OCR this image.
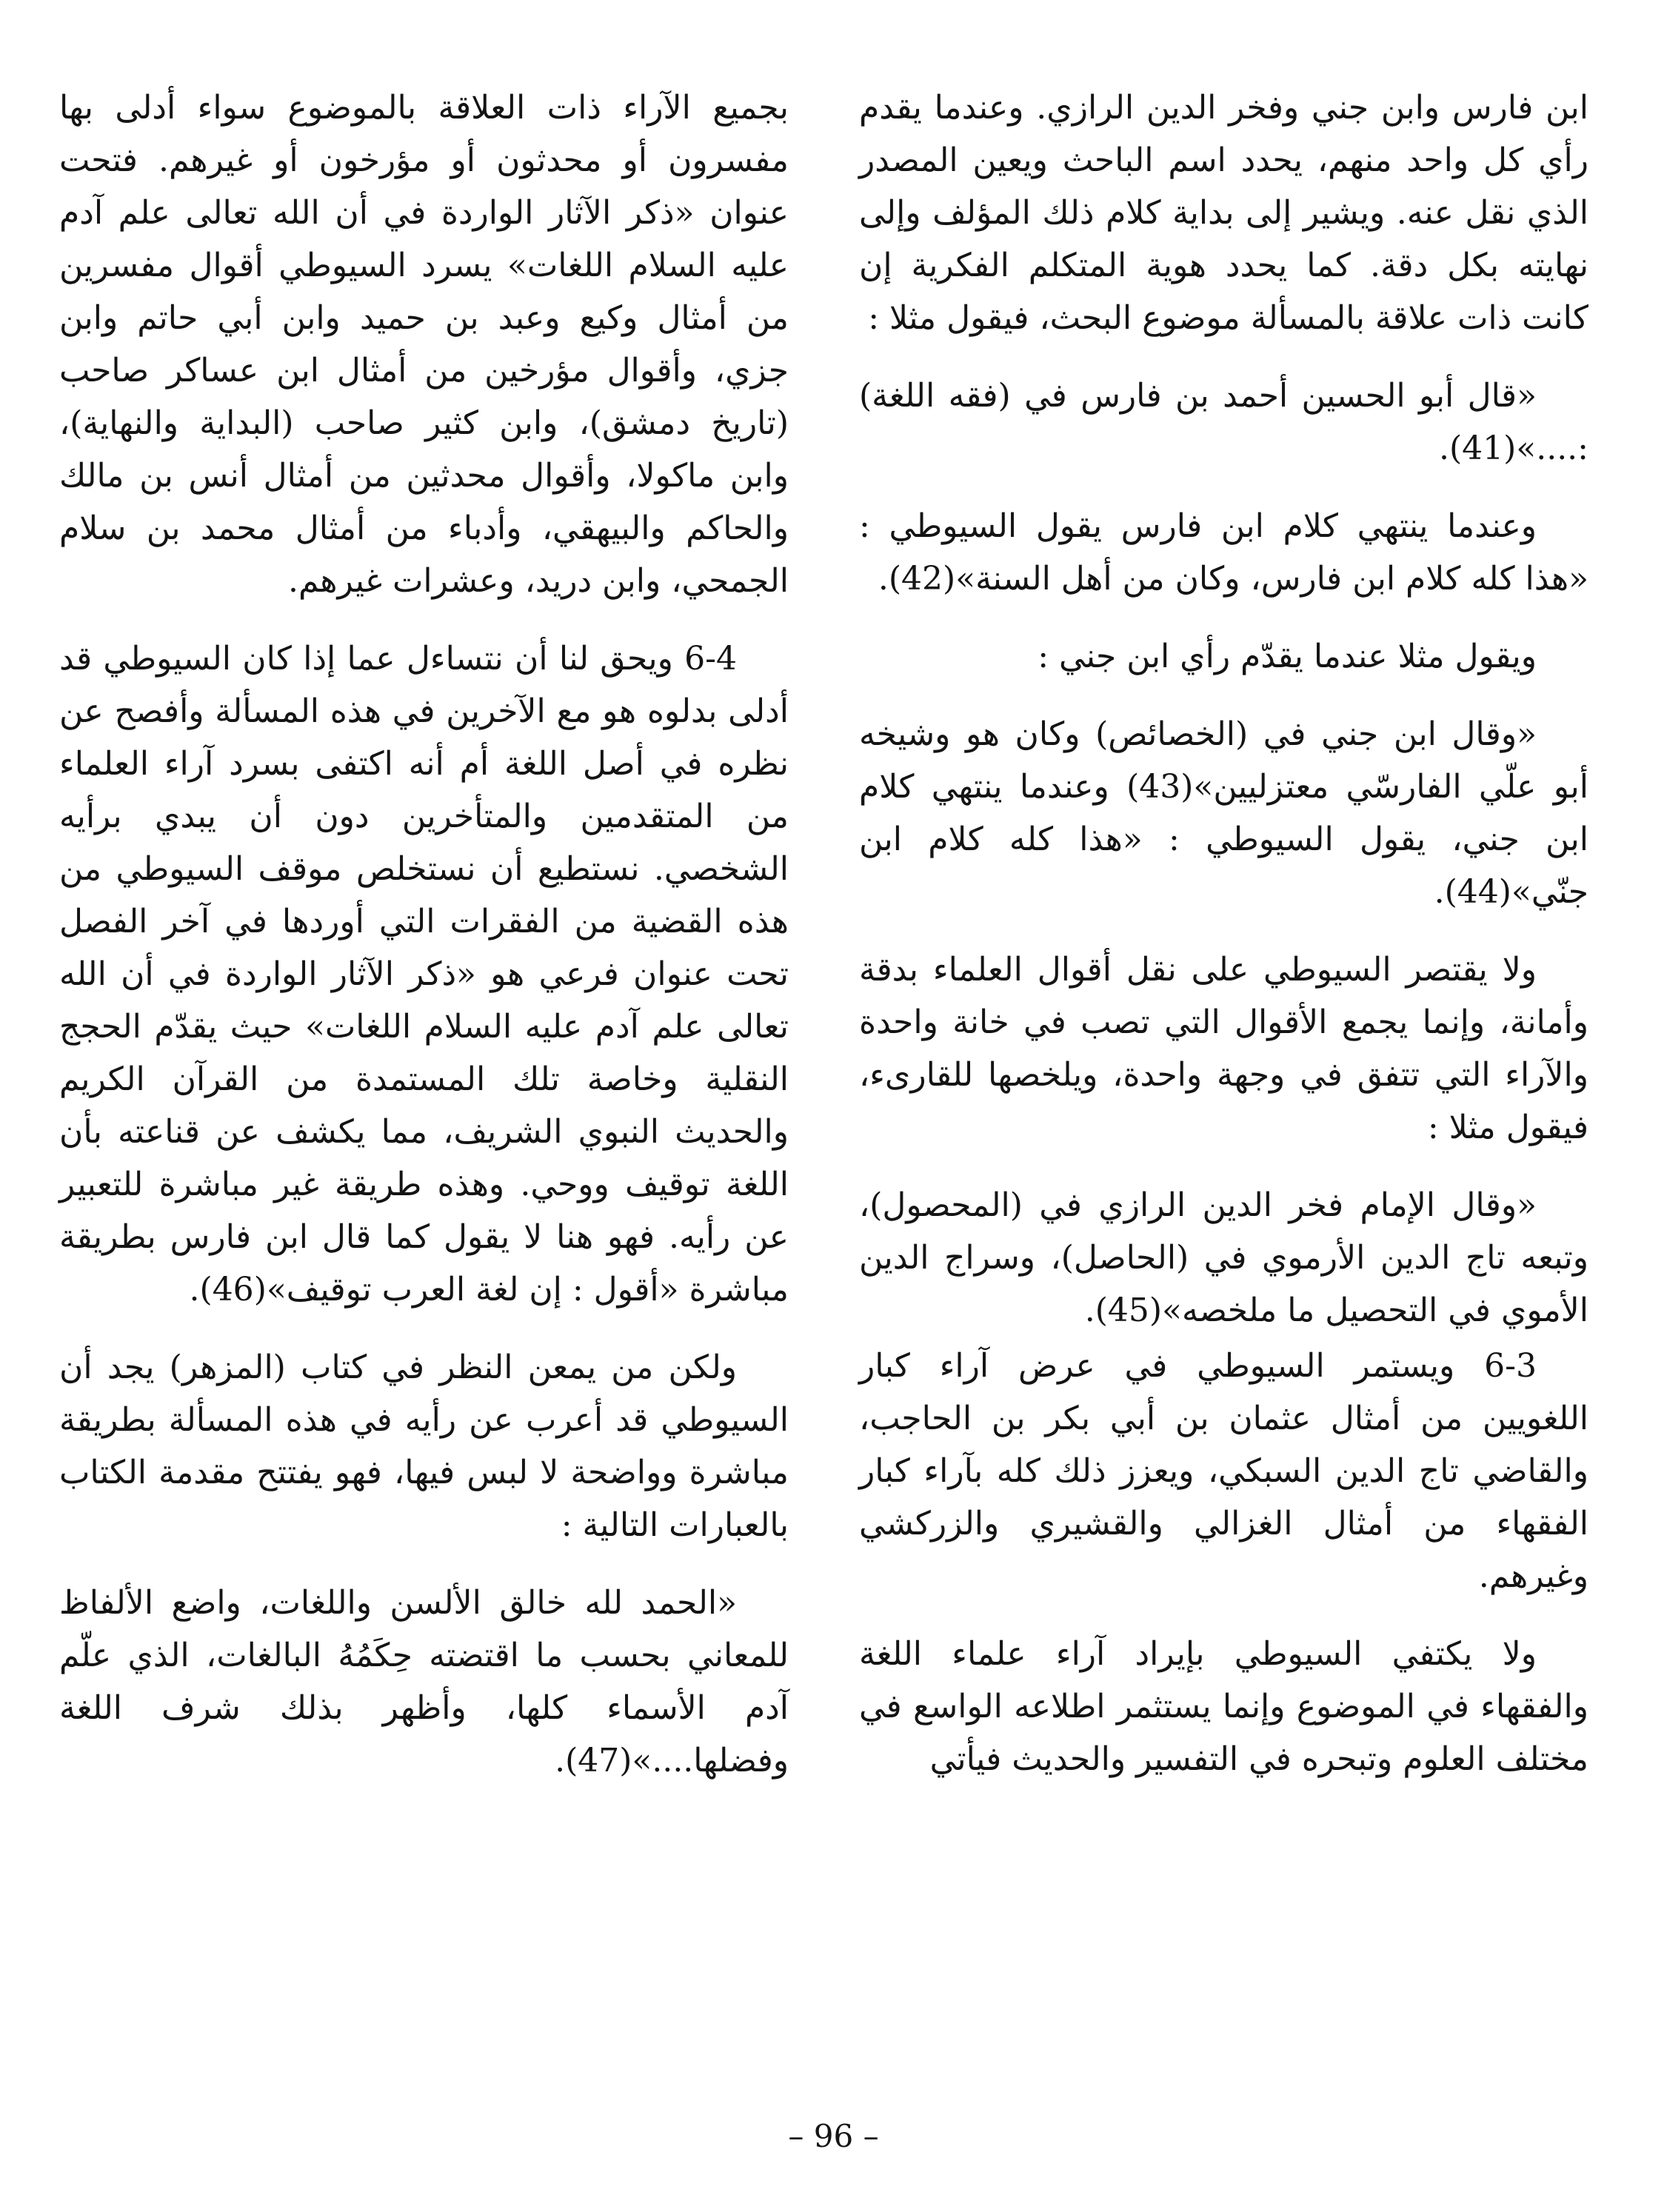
ابن فارس وابن جني وفخر الدين الرازي. وعندما يقدم رأي كل واحد منهم، يحدد اسم الباحث ويعين المصدر الذي نقل عنه. ويشير إلى بداية كلام ذلك المؤلف وإلى نهايته بكل دقة. كما يحدد هوية المتكلم الفكرية إن كانت ذات علاقة بالمسألة موضوع البحث، فيقول مثلا :

«قال أبو الحسين أحمد بن فارس في (فقه اللغة) :....»(41).

وعندما ينتهي كلام ابن فارس يقول السيوطي : «هذا كله كلام ابن فارس، وكان من أهل السنة»(42).

ويقول مثلا عندما يقدّم رأي ابن جني :

«وقال ابن جني في (الخصائص) وكان هو وشيخه أبو علّي الفارسّي معتزليين»(43) وعندما ينتهي كلام ابن جني، يقول السيوطي : «هذا كله كلام ابن جنّي»(44).

ولا يقتصر السيوطي على نقل أقوال العلماء بدقة وأمانة، وإنما يجمع الأقوال التي تصب في خانة واحدة والآراء التي تتفق في وجهة واحدة، ويلخصها للقارىء، فيقول مثلا :

«وقال الإمام فخر الدين الرازي في (المحصول)، وتبعه تاج الدين الأرموي في (الحاصل)، وسراج الدين الأموي في التحصيل ما ملخصه»(45).

6-3 ويستمر السيوطي في عرض آراء كبار اللغويين من أمثال عثمان بن أبي بكر بن الحاجب، والقاضي تاج الدين السبكي، ويعزز ذلك كله بآراء كبار الفقهاء من أمثال الغزالي والقشيري والزركشي وغيرهم.

ولا يكتفي السيوطي بإيراد آراء علماء اللغة والفقهاء في الموضوع وإنما يستثمر اطلاعه الواسع في مختلف العلوم وتبحره في التفسير والحديث فيأتي

بجميع الآراء ذات العلاقة بالموضوع سواء أدلى بها مفسرون أو محدثون أو مؤرخون أو غيرهم. فتحت عنوان «ذكر الآثار الواردة في أن الله تعالى علم آدم عليه السلام اللغات» يسرد السيوطي أقوال مفسرين من أمثال وكيع وعبد بن حميد وابن أبي حاتم وابن جزي، وأقوال مؤرخين من أمثال ابن عساكر صاحب (تاريخ دمشق)، وابن كثير صاحب (البداية والنهاية)، وابن ماكولا، وأقوال محدثين من أمثال أنس بن مالك والحاكم والبيهقي، وأدباء من أمثال محمد بن سلام الجمحي، وابن دريد، وعشرات غيرهم.

6-4 ويحق لنا أن نتساءل عما إذا كان السيوطي قد أدلى بدلوه هو مع الآخرين في هذه المسألة وأفصح عن نظره في أصل اللغة أم أنه اكتفى بسرد آراء العلماء من المتقدمين والمتأخرين دون أن يبدي برأيه الشخصي. نستطيع أن نستخلص موقف السيوطي من هذه القضية من الفقرات التي أوردها في آخر الفصل تحت عنوان فرعي هو «ذكر الآثار الواردة في أن الله تعالى علم آدم عليه السلام اللغات» حيث يقدّم الحجج النقلية وخاصة تلك المستمدة من القرآن الكريم والحديث النبوي الشريف، مما يكشف عن قناعته بأن اللغة توقيف ووحي. وهذه طريقة غير مباشرة للتعبير عن رأيه. فهو هنا لا يقول كما قال ابن فارس بطريقة مباشرة «أقول : إن لغة العرب توقيف»(46).

ولكن من يمعن النظر في كتاب (المزهر) يجد أن السيوطي قد أعرب عن رأيه في هذه المسألة بطريقة مباشرة وواضحة لا لبس فيها، فهو يفتتح مقدمة الكتاب بالعبارات التالية :

«الحمد لله خالق الألسن واللغات، واضع الألفاظ للمعاني بحسب ما اقتضته حِكَمُهُ البالغات، الذي علّم آدم الأسماء كلها، وأظهر بذلك شرف اللغة وفضلها....»(47).

– 96 –
